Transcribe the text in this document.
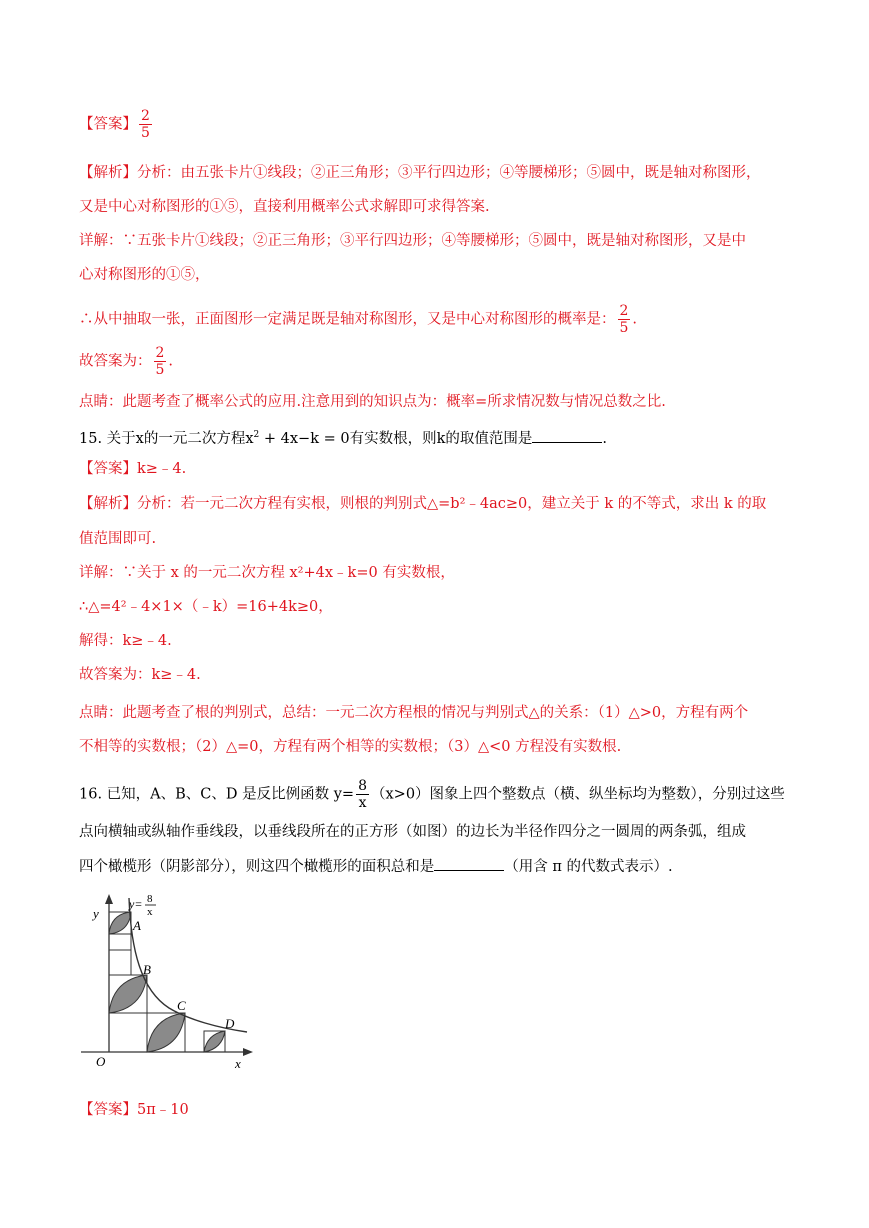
【答案】 $\frac{2}{5}$
【解析】分析：由五张卡片①线段；②正三角形；③平行四边形；④等腰梯形；⑤圆中，既是轴对称图形，
又是中心对称图形的①⑤，直接利用概率公式求解即可求得答案.
详解：∵五张卡片①线段；②正三角形；③平行四边形；④等腰梯形；⑤圆中，既是轴对称图形，又是中
心对称图形的①⑤，
∴从中抽取一张，正面图形一定满足既是轴对称图形，又是中心对称图形的概率是： $\frac{2}{5}$ .
故答案为： $\frac{2}{5}$ .
点睛：此题考查了概率公式的应用.注意用到的知识点为：概率=所求情况数与情况总数之比.
15. 关于x的一元二次方程$x^2 + 4x-k = 0$有实数根，则k的取值范围是	.
【答案】k≥﹣4.
【解析】分析：若一元二次方程有实根，则根的判别式△=b²﹣4ac≥0，建立关于 k 的不等式，求出 k 的取
值范围即可.
详解：∵关于 x 的一元二次方程 x²+4x﹣k=0 有实数根，
∴△=4²﹣4×1×（﹣k）=16+4k≥0，
解得：k≥﹣4.
故答案为：k≥﹣4.
点睛：此题考查了根的判别式，总结：一元二次方程根的情况与判别式△的关系：（1）△>0，方程有两个
不相等的实数根；（2）△=0，方程有两个相等的实数根；（3）△<0 方程没有实数根.
16. 已知，A、B、C、D 是反比例函数 $y= \frac{8}{x} (x>0)$图象上四个整数点（横、纵坐标均为整数），分别过这些
点向横轴或纵轴作垂线段，以垂线段所在的正方形（如图）的边长为半径作四分之一圆周的两条弧，组成
四个橄榄形（阴影部分），则这四个橄榄形的面积总和是	（用含 π 的代数式表示）.
y
y= 8
x
A
B
C
D
O	x
【答案】5π﹣10
